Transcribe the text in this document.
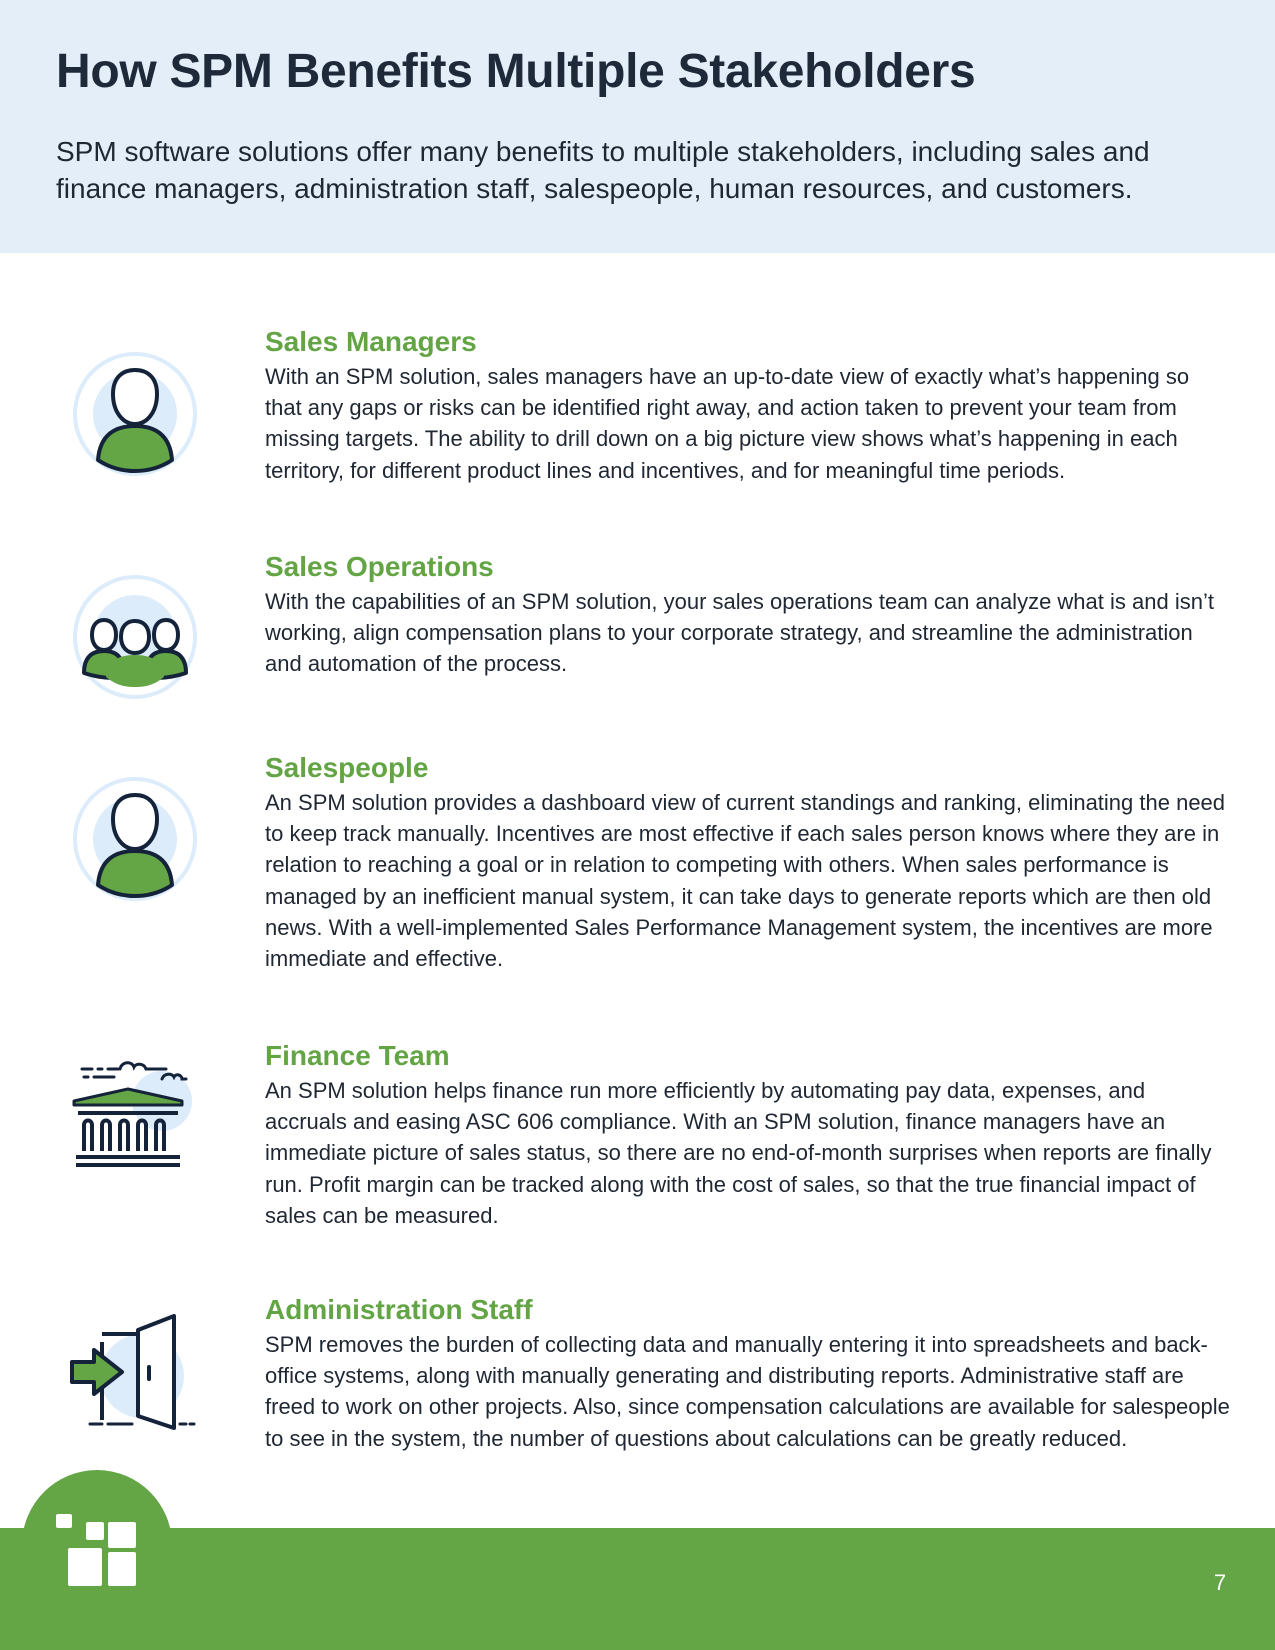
How SPM Benefits Multiple Stakeholders

SPM software solutions offer many benefits to multiple stakeholders, including sales and finance managers, administration staff, salespeople, human resources, and customers.

Sales Managers

With an SPM solution, sales managers have an up-to-date view of exactly what’s happening so that any gaps or risks can be identified right away, and action taken to prevent your team from missing targets. The ability to drill down on a big picture view shows what’s happening in each territory, for different product lines and incentives, and for meaningful time periods.

Sales Operations

With the capabilities of an SPM solution, your sales operations team can analyze what is and isn’t working, align compensation plans to your corporate strategy, and streamline the administration and automation of the process.

Salespeople

An SPM solution provides a dashboard view of current standings and ranking, eliminating the need to keep track manually. Incentives are most effective if each sales person knows where they are in relation to reaching a goal or in relation to competing with others. When sales performance is managed by an inefficient manual system, it can take days to generate reports which are then old news. With a well-implemented Sales Performance Management system, the incentives are more immediate and effective.

Finance Team

An SPM solution helps finance run more efficiently by automating pay data, expenses, and accruals and easing ASC 606 compliance. With an SPM solution, finance managers have an immediate picture of sales status, so there are no end-of-month surprises when reports are finally run. Profit margin can be tracked along with the cost of sales, so that the true financial impact of sales can be measured.

Administration Staff

SPM removes the burden of collecting data and manually entering it into spreadsheets and back-office systems, along with manually generating and distributing reports. Administrative staff are freed to work on other projects. Also, since compensation calculations are available for salespeople to see in the system, the number of questions about calculations can be greatly reduced.

7
